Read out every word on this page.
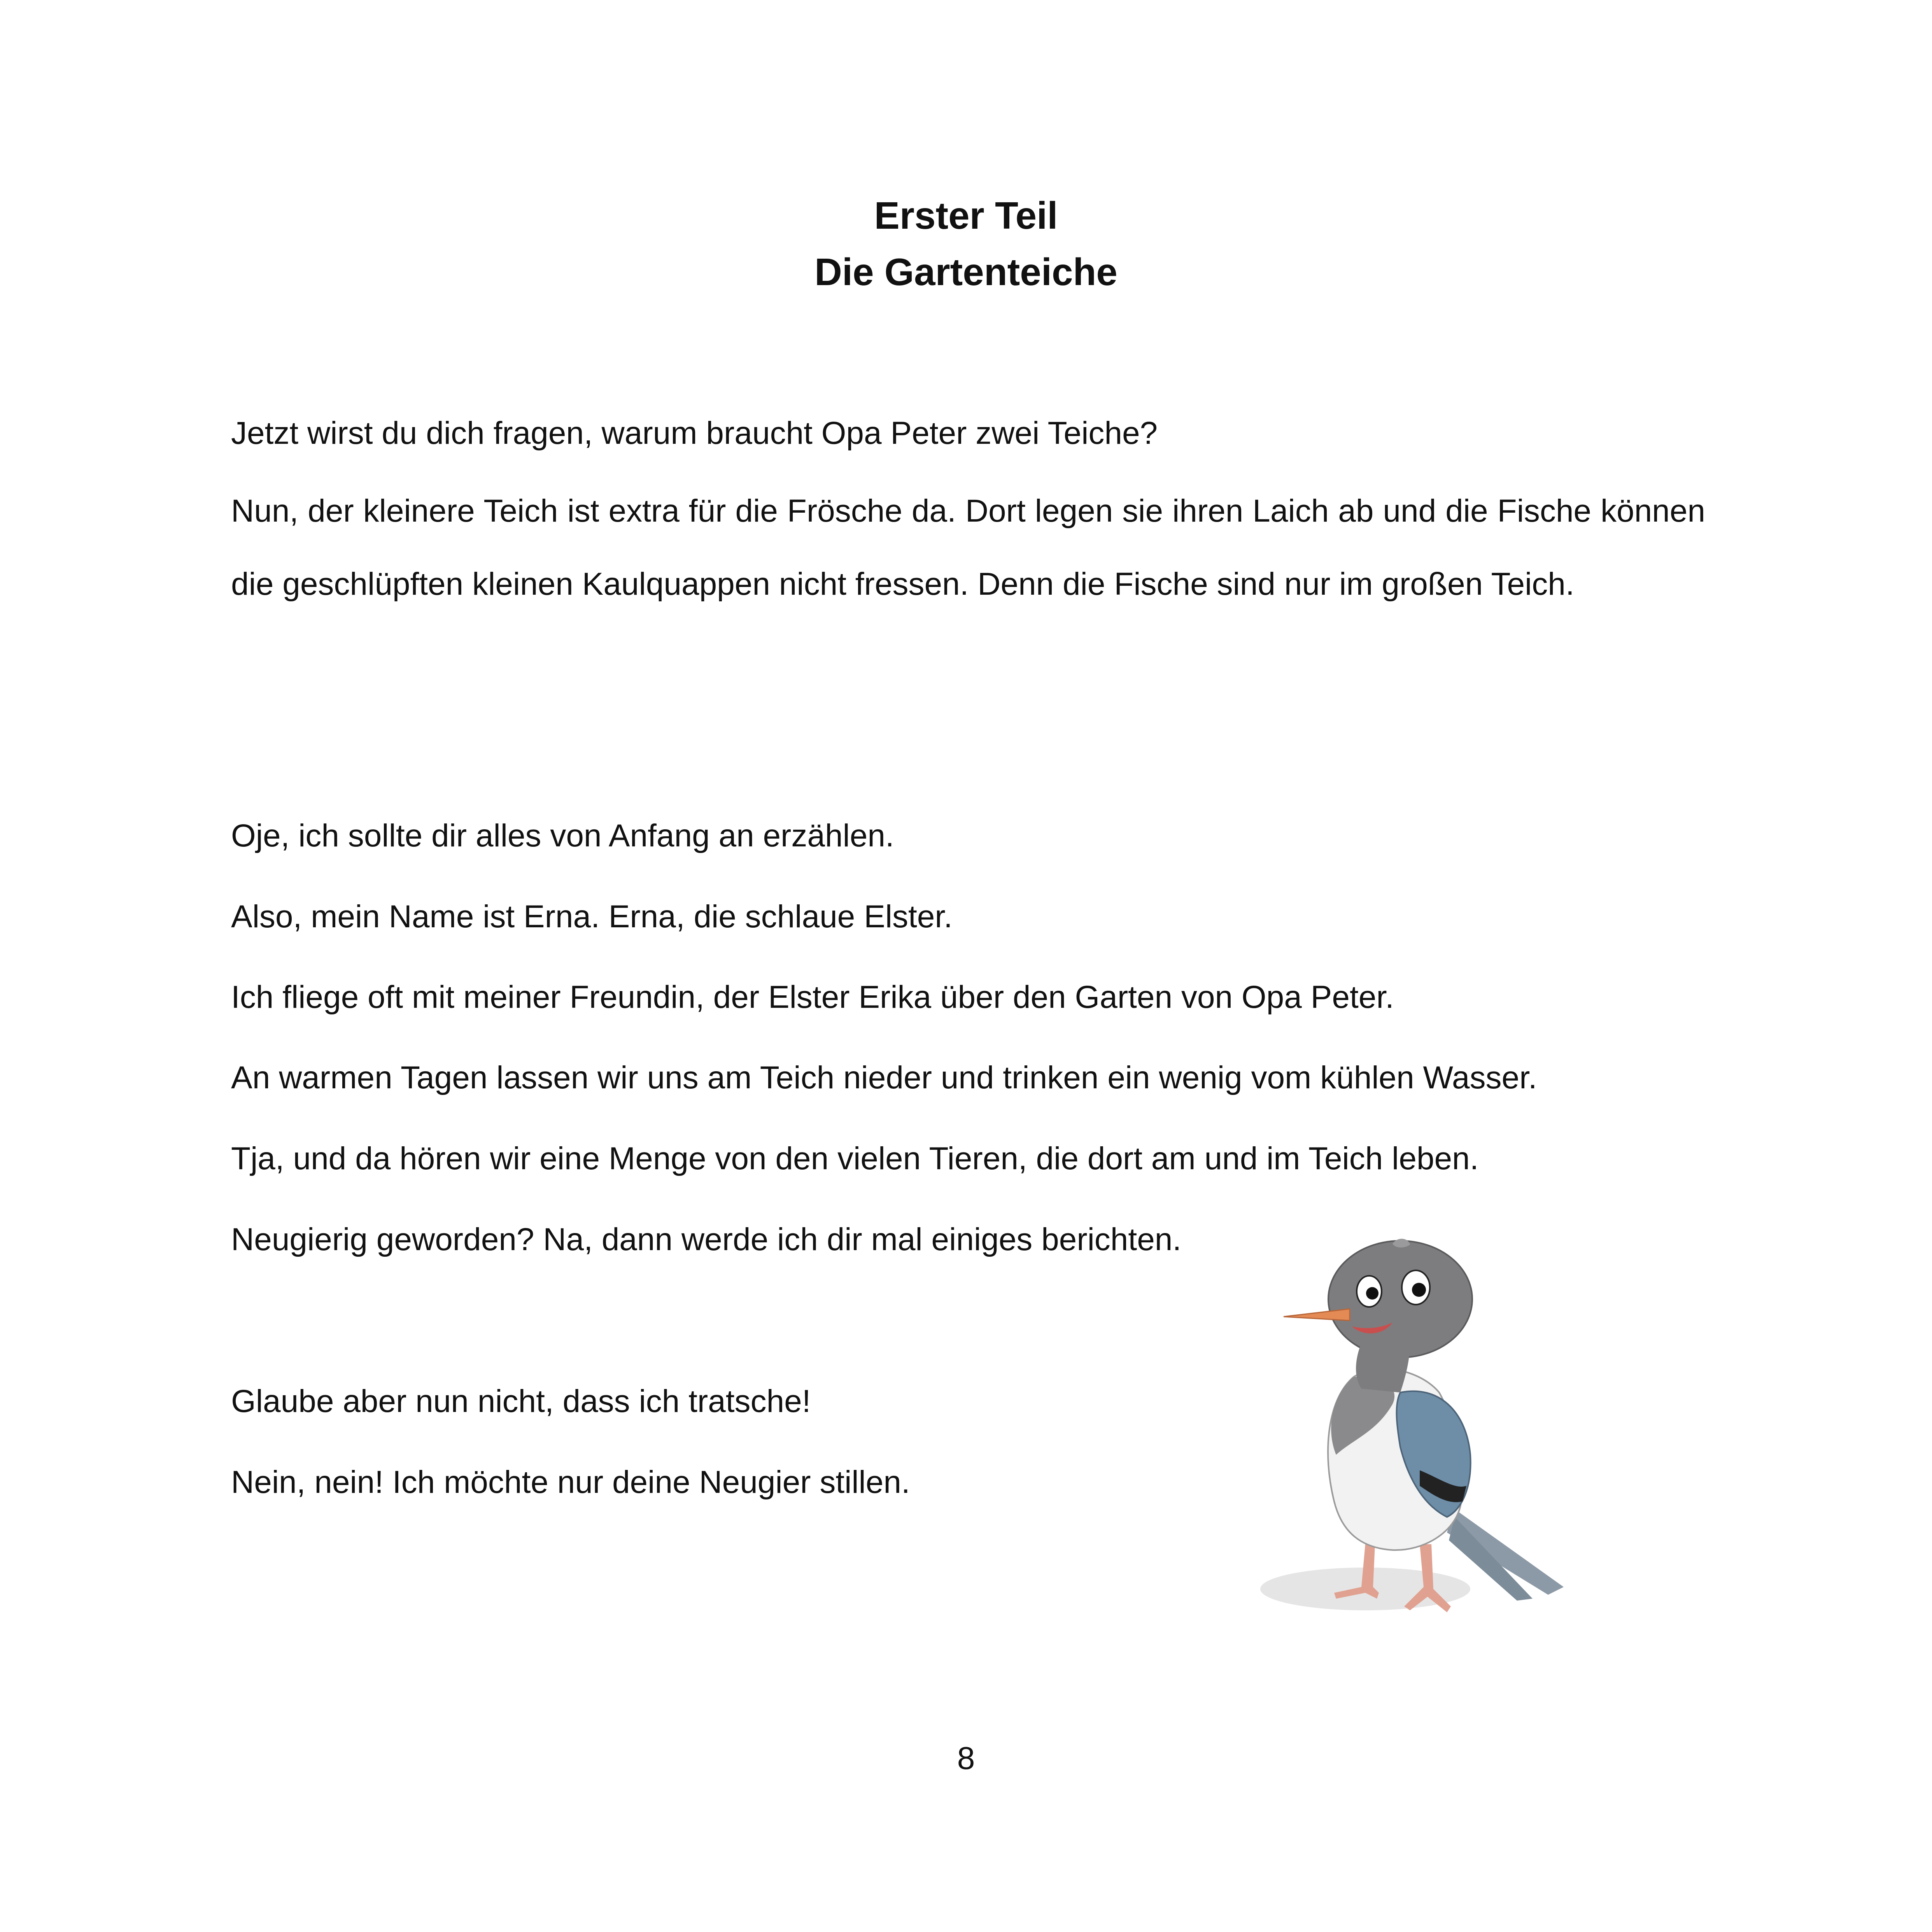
Erster Teil
Die Gartenteiche

Jetzt wirst du dich fragen, warum braucht Opa Peter zwei Teiche?

Nun, der kleinere Teich ist extra für die Frösche da. Dort legen sie ihren Laich ab und die Fische können die geschlüpften kleinen Kaulquappen nicht fressen. Denn die Fische sind nur im großen Teich.

Oje, ich sollte dir alles von Anfang an erzählen.

Also, mein Name ist Erna. Erna, die schlaue Elster.

Ich fliege oft mit meiner Freundin, der Elster Erika über den Garten von Opa Peter.

An warmen Tagen lassen wir uns am Teich nieder und trinken ein wenig vom kühlen Wasser.

Tja, und da hören wir eine Menge von den vielen Tieren, die dort am und im Teich leben.

Neugierig geworden? Na, dann werde ich dir mal einiges berichten.

Glaube aber nun nicht, dass ich tratsche!

Nein, nein! Ich möchte nur deine Neugier stillen.

8
